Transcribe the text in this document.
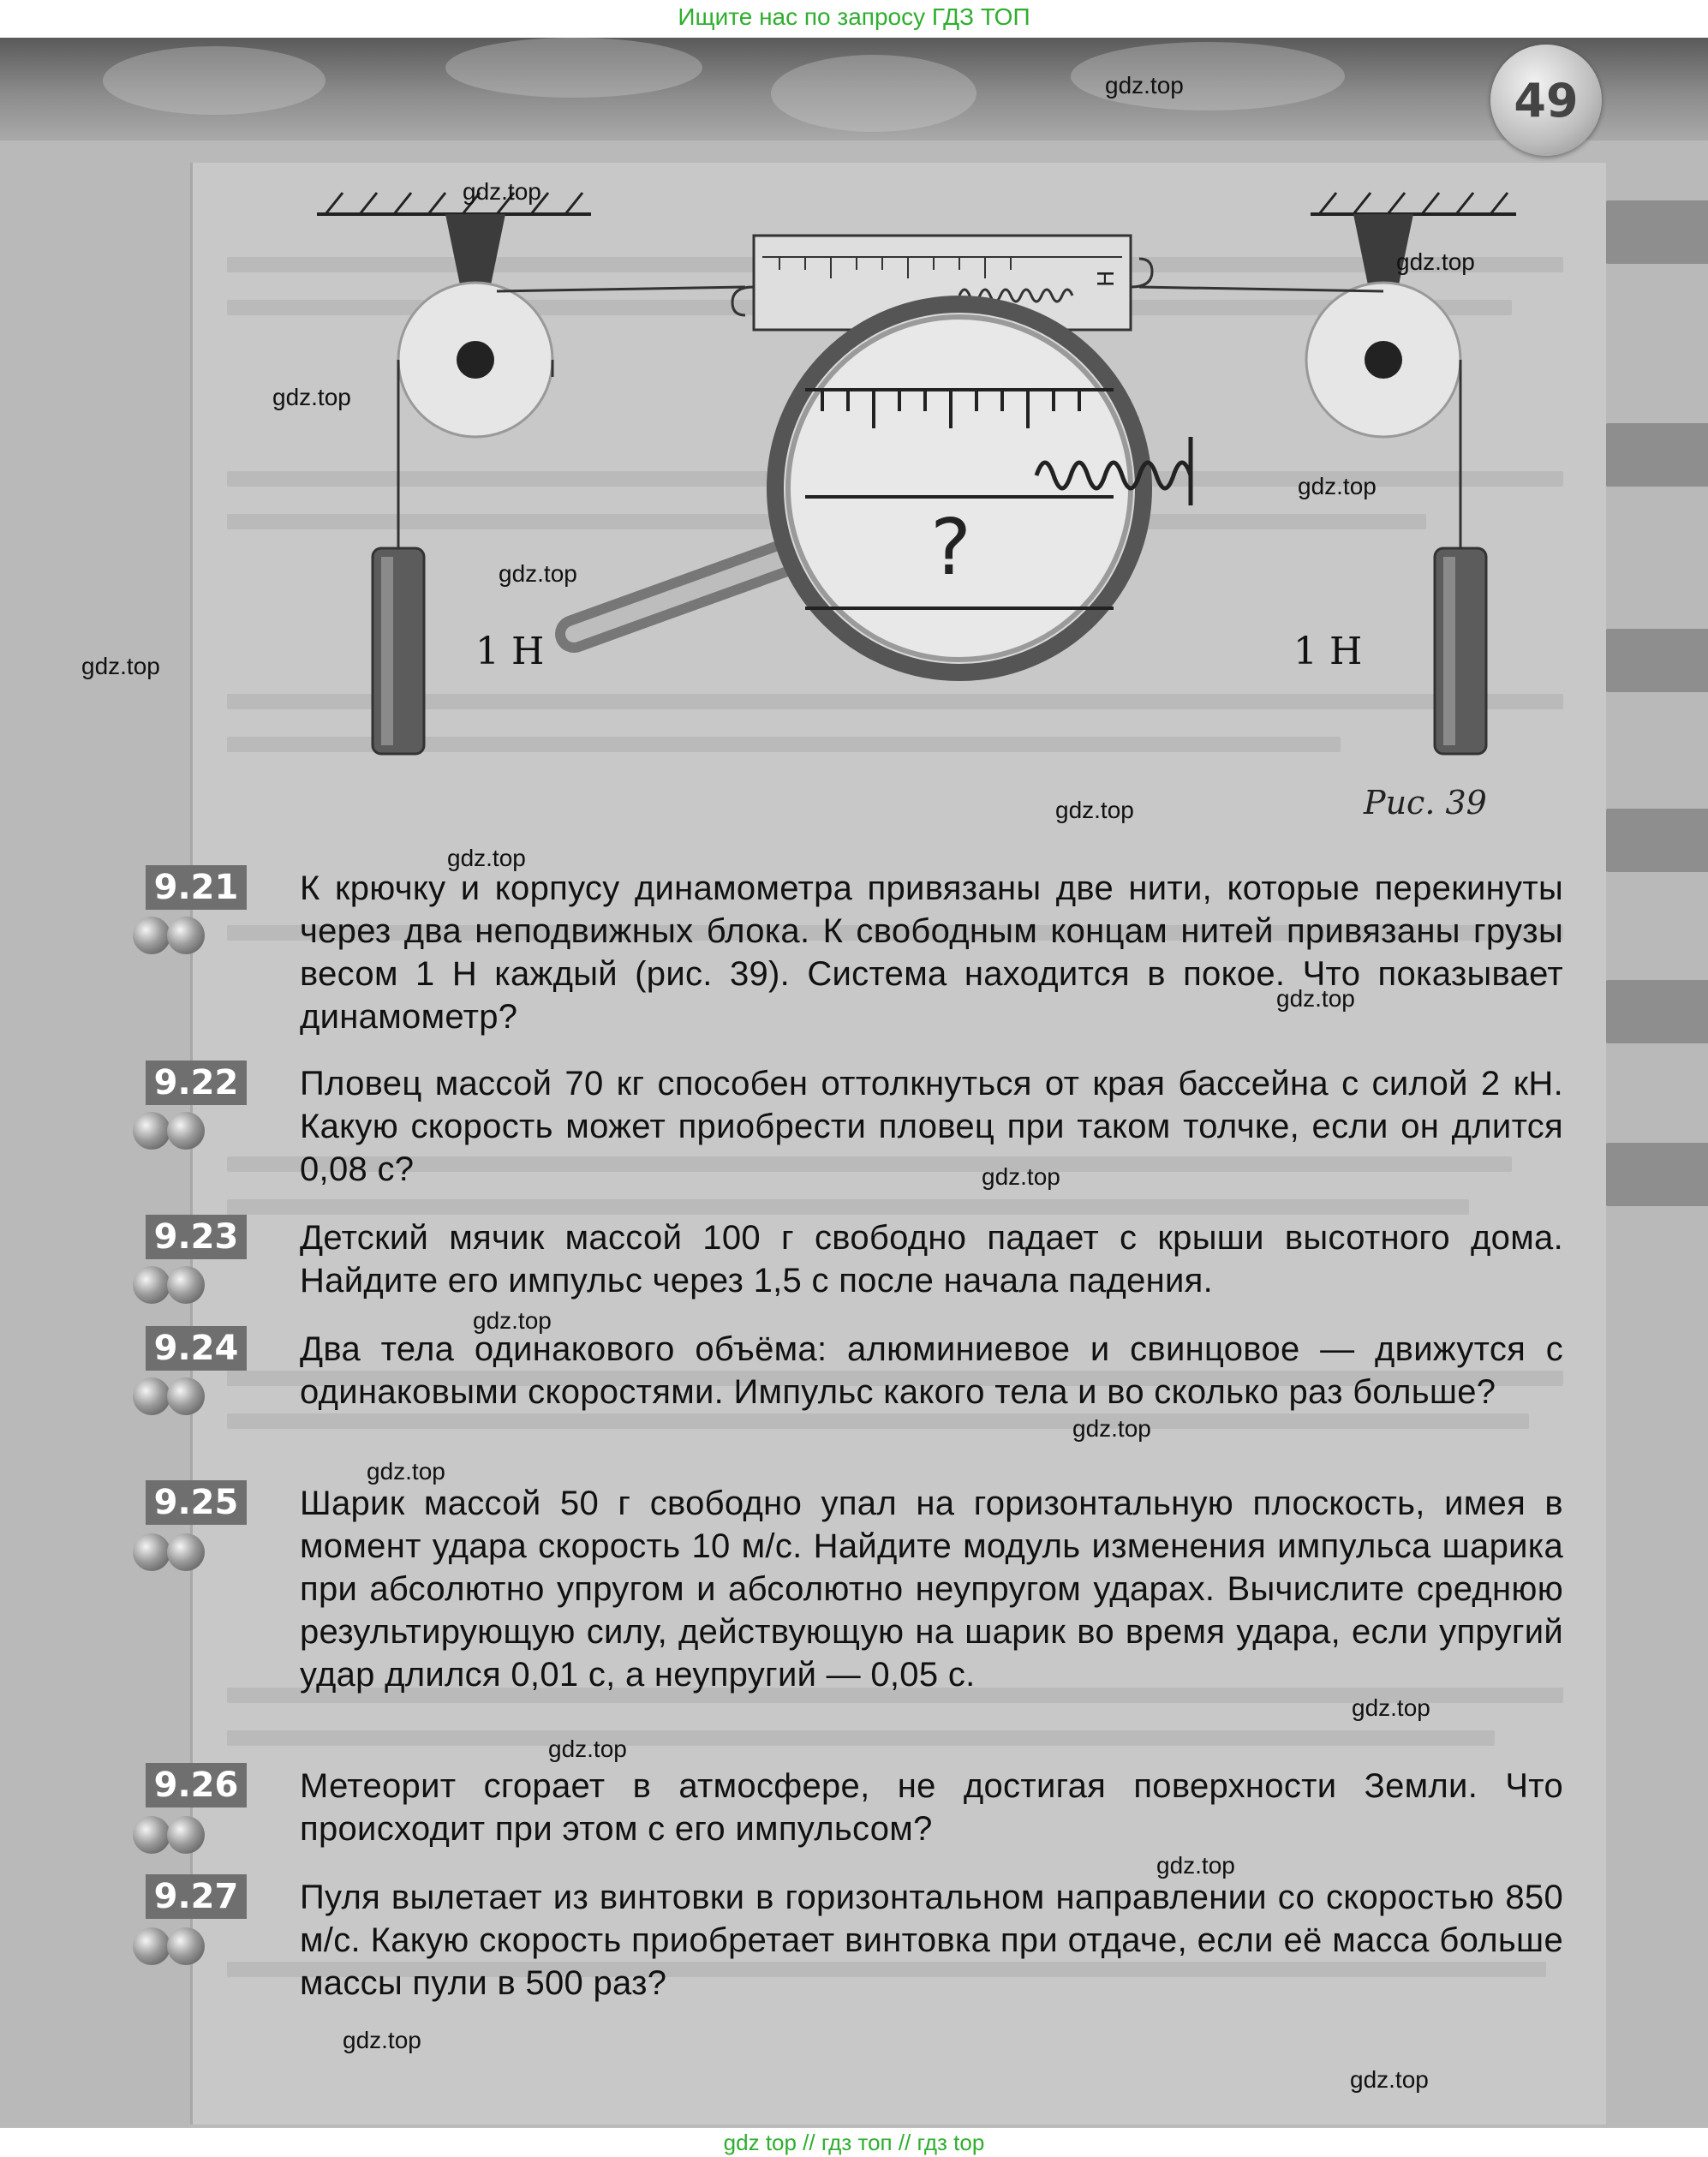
Ищите нас по запросу ГДЗ ТОП
49
Н
?
1 Н	1 Н
Рис. 39
9.21 К крючку и корпусу динамометра привязаны две нити, которые перекинуты через два неподвижных блока. К свободным концам нитей привязаны грузы весом 1 Н каждый (рис. 39). Система находится в покое. Что показывает динамометр?
9.22 Пловец массой 70 кг способен оттолкнуться от края бассейна с силой 2 кН. Какую скорость может приобрести пловец при таком толчке, если он длится 0,08 с?
9.23 Детский мячик массой 100 г свободно падает с крыши высотного дома. Найдите его импульс через 1,5 с после начала падения.
9.24 Два тела одинакового объёма: алюминиевое и свинцовое — движутся с одинаковыми скоростями. Импульс какого тела и во сколько раз больше?
9.25 Шарик массой 50 г свободно упал на горизонтальную плоскость, имея в момент удара скорость 10 м/с. Найдите модуль изменения импульса шарика при абсолютно упругом и абсолютно неупругом ударах. Вычислите среднюю результирующую силу, действующую на шарик во время удара, если упругий удар длился 0,01 с, а неупругий — 0,05 с.
9.26 Метеорит сгорает в атмосфере, не достигая поверхности Земли. Что происходит при этом с его импульсом?
9.27 Пуля вылетает из винтовки в горизонтальном направлении со скоростью 850 м/с. Какую скорость приобретает винтовка при отдаче, если её масса больше массы пули в 500 раз?
gdz.top
gdz.top
gdz.top
gdz.top
gdz.top
gdz.top
gdz.top
gdz.top
gdz.top
gdz.top
gdz.top
gdz.top
gdz.top
gdz.top
gdz.top
gdz.top
gdz.top
gdz.top
gdz.top
gdz top // гдз топ // гдз top
